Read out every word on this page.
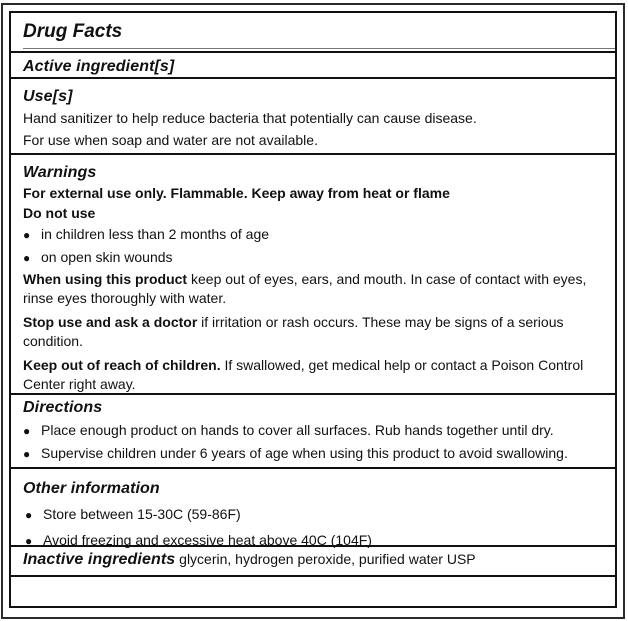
Drug Facts
Active ingredient[s]
Use[s]
Hand sanitizer to help reduce bacteria that potentially can cause disease.
For use when soap and water are not available.
Warnings
For external use only. Flammable. Keep away from heat or flame
Do not use
● in children less than 2 months of age
● on open skin wounds
When using this product keep out of eyes, ears, and mouth. In case of contact with eyes, rinse eyes thoroughly with water.
Stop use and ask a doctor if irritation or rash occurs. These may be signs of a serious condition.
Keep out of reach of children. If swallowed, get medical help or contact a Poison Control Center right away.
Directions
● Place enough product on hands to cover all surfaces. Rub hands together until dry.
● Supervise children under 6 years of age when using this product to avoid swallowing.
Other information
● Store between 15-30C (59-86F)
● Avoid freezing and excessive heat above 40C (104F)
Inactive ingredients glycerin, hydrogen peroxide, purified water USP
